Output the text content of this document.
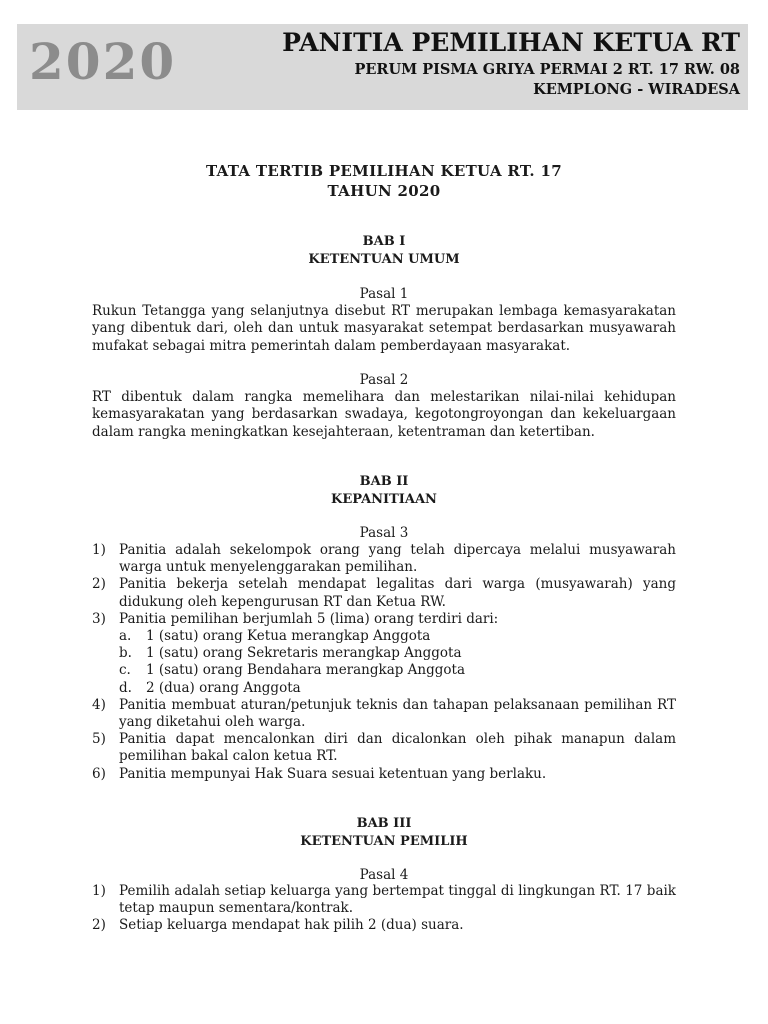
2020	PANITIA PEMILIHAN KETUA RT
PERUM PISMA GRIYA PERMAI 2 RT. 17 RW. 08
KEMPLONG - WIRADESA
TATA TERTIB PEMILIHAN KETUA RT. 17
TAHUN 2020
BAB I
KETENTUAN UMUM
Pasal 1
Rukun Tetangga yang selanjutnya disebut RT merupakan lembaga kemasyarakatan yang dibentuk dari, oleh dan untuk masyarakat setempat berdasarkan musyawarah mufakat sebagai mitra pemerintah dalam pemberdayaan masyarakat.
Pasal 2
RT dibentuk dalam rangka memelihara dan melestarikan nilai-nilai kehidupan kemasyarakatan yang berdasarkan swadaya, kegotongroyongan dan kekeluargaan dalam rangka meningkatkan kesejahteraan, ketentraman dan ketertiban.
BAB II
KEPANITIAAN
Pasal 3
1) Panitia adalah sekelompok orang yang telah dipercaya melalui musyawarah warga untuk menyelenggarakan pemilihan.
2) Panitia bekerja setelah mendapat legalitas dari warga (musyawarah) yang didukung oleh kepengurusan RT dan Ketua RW.
3) Panitia pemilihan berjumlah 5 (lima) orang terdiri dari:
a. 1 (satu) orang Ketua merangkap Anggota
b. 1 (satu) orang Sekretaris merangkap Anggota
c. 1 (satu) orang Bendahara merangkap Anggota
d. 2 (dua) orang Anggota
4) Panitia membuat aturan/petunjuk teknis dan tahapan pelaksanaan pemilihan RT yang diketahui oleh warga.
5) Panitia dapat mencalonkan diri dan dicalonkan oleh pihak manapun dalam pemilihan bakal calon ketua RT.
6) Panitia mempunyai Hak Suara sesuai ketentuan yang berlaku.
BAB III
KETENTUAN PEMILIH
Pasal 4
1) Pemilih adalah setiap keluarga yang bertempat tinggal di lingkungan RT. 17 baik tetap maupun sementara/kontrak.
2) Setiap keluarga mendapat hak pilih 2 (dua) suara.
